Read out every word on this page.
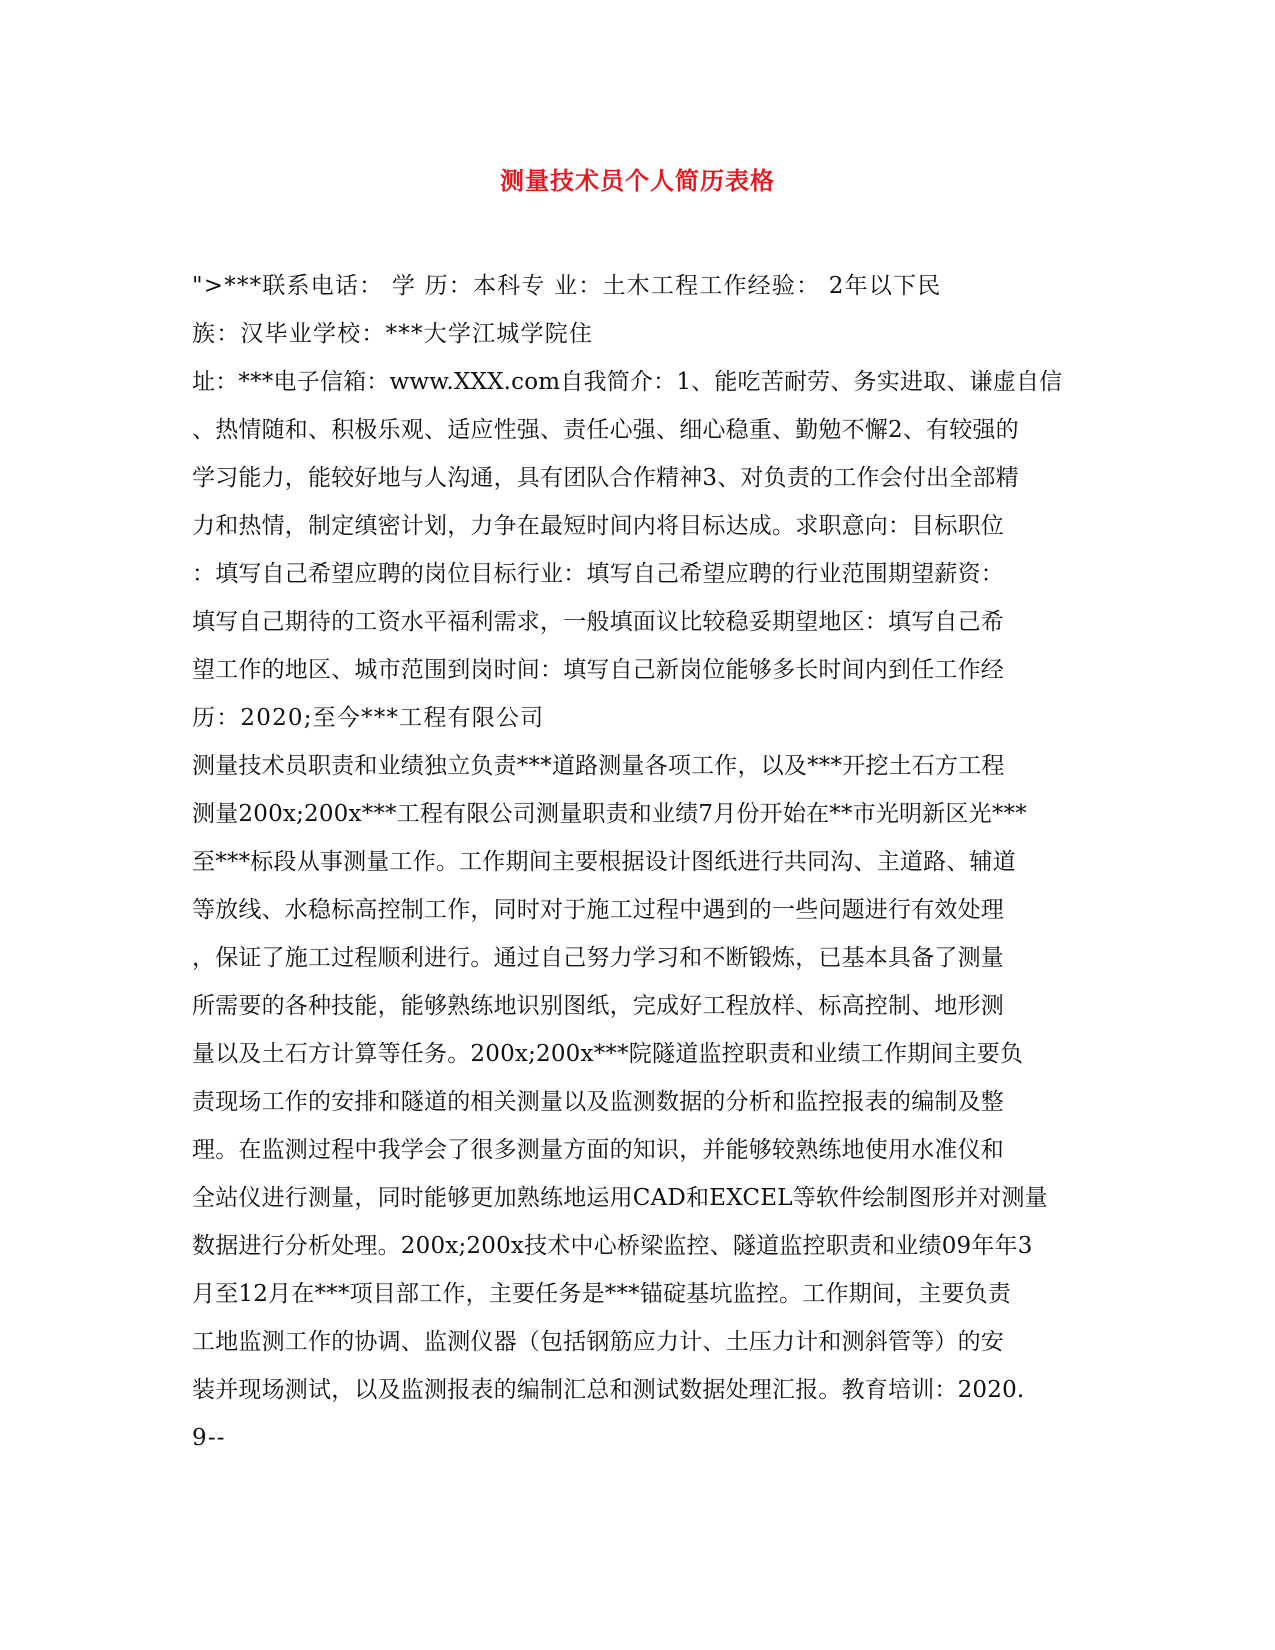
测量技术员个人简历表格
">***联系电话： 学 历：本科专 业：土木工程工作经验： 2年以下民
族：汉毕业学校：***大学江城学院住
址：***电子信箱：www.XXX.com自我简介：1、能吃苦耐劳、务实进取、谦虚自信
、热情随和、积极乐观、适应性强、责任心强、细心稳重、勤勉不懈2、有较强的
学习能力，能较好地与人沟通，具有团队合作精神3、对负责的工作会付出全部精
力和热情，制定缜密计划，力争在最短时间内将目标达成。求职意向：目标职位
：填写自己希望应聘的岗位目标行业：填写自己希望应聘的行业范围期望薪资：
填写自己期待的工资水平福利需求，一般填面议比较稳妥期望地区：填写自己希
望工作的地区、城市范围到岗时间：填写自己新岗位能够多长时间内到任工作经
历：2020;至今***工程有限公司
测量技术员职责和业绩独立负责***道路测量各项工作，以及***开挖土石方工程
测量200x;200x***工程有限公司测量职责和业绩7月份开始在**市光明新区光***
至***标段从事测量工作。工作期间主要根据设计图纸进行共同沟、主道路、辅道
等放线、水稳标高控制工作，同时对于施工过程中遇到的一些问题进行有效处理
，保证了施工过程顺利进行。通过自己努力学习和不断锻炼，已基本具备了测量
所需要的各种技能，能够熟练地识别图纸，完成好工程放样、标高控制、地形测
量以及土石方计算等任务。200x;200x***院隧道监控职责和业绩工作期间主要负
责现场工作的安排和隧道的相关测量以及监测数据的分析和监控报表的编制及整
理。在监测过程中我学会了很多测量方面的知识，并能够较熟练地使用水准仪和
全站仪进行测量，同时能够更加熟练地运用CAD和EXCEL等软件绘制图形并对测量
数据进行分析处理。200x;200x技术中心桥梁监控、隧道监控职责和业绩09年年3
月至12月在***项目部工作，主要任务是***锚碇基坑监控。工作期间，主要负责
工地监测工作的协调、监测仪器（包括钢筋应力计、土压力计和测斜管等）的安
装并现场测试，以及监测报表的编制汇总和测试数据处理汇报。教育培训：2020.
9--
